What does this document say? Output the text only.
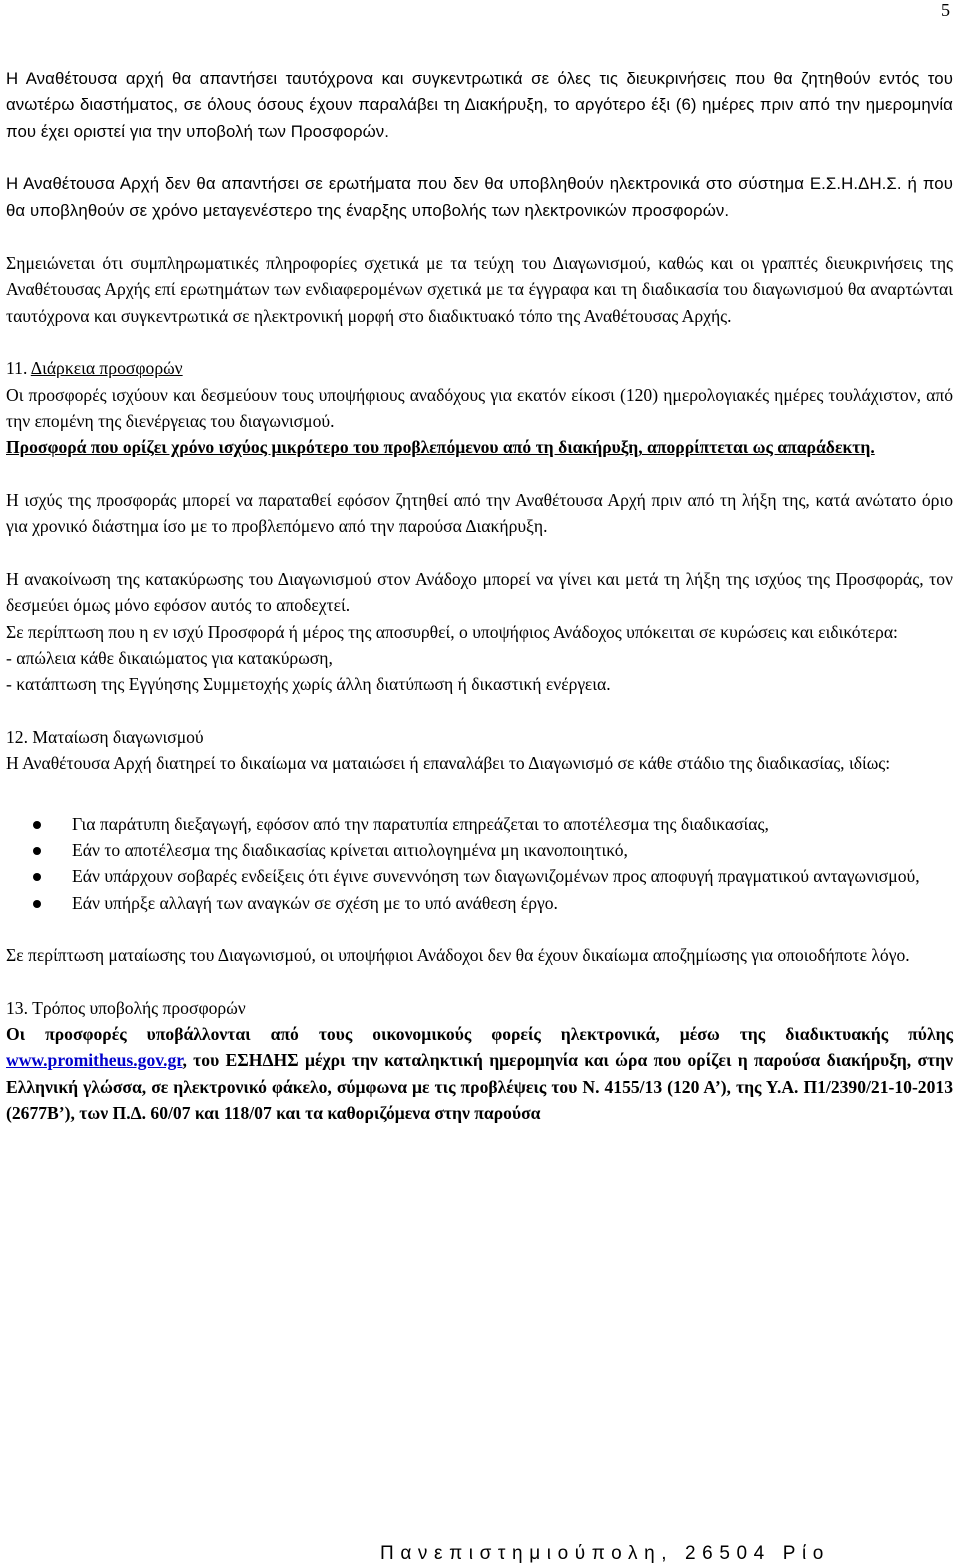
5

Η Αναθέτουσα αρχή θα απαντήσει ταυτόχρονα και συγκεντρωτικά σε όλες τις διευκρινήσεις που θα ζητηθούν εντός του ανωτέρω διαστήματος, σε όλους όσους έχουν παραλάβει τη Διακήρυξη, το αργότερο έξι (6) ημέρες πριν από την ημερομηνία που έχει οριστεί για την υποβολή των Προσφορών.

Η Αναθέτουσα Αρχή δεν θα απαντήσει σε ερωτήματα που δεν θα υποβληθούν ηλεκτρονικά στο σύστημα Ε.Σ.Η.ΔΗ.Σ. ή που θα υποβληθούν σε χρόνο μεταγενέστερο της έναρξης υποβολής των ηλεκτρονικών προσφορών.

Σημειώνεται ότι συμπληρωματικές πληροφορίες σχετικά με τα τεύχη του Διαγωνισμού, καθώς και οι γραπτές διευκρινήσεις της Αναθέτουσας Αρχής επί ερωτημάτων των ενδιαφερομένων σχετικά με τα έγγραφα και τη διαδικασία του διαγωνισμού θα αναρτώνται ταυτόχρονα και συγκεντρωτικά σε ηλεκτρονική μορφή στο διαδικτυακό τόπο της Αναθέτουσας Αρχής.

11. Διάρκεια προσφορών

Οι προσφορές ισχύουν και δεσμεύουν τους υποψήφιους αναδόχους για εκατόν είκοσι (120) ημερολογιακές ημέρες τουλάχιστον, από την επομένη της διενέργειας του διαγωνισμού.

Προσφορά που ορίζει χρόνο ισχύος μικρότερο του προβλεπόμενου από τη διακήρυξη, απορρίπτεται ως απαράδεκτη.

Η ισχύς της προσφοράς μπορεί να παραταθεί εφόσον ζητηθεί από την Αναθέτουσα Αρχή πριν από τη λήξη της, κατά ανώτατο όριο για χρονικό διάστημα ίσο με το προβλεπόμενο από την παρούσα Διακήρυξη.

Η ανακοίνωση της κατακύρωσης του Διαγωνισμού στον Ανάδοχο μπορεί να γίνει και μετά τη λήξη της ισχύος της Προσφοράς, τον δεσμεύει όμως μόνο εφόσον αυτός το αποδεχτεί.

Σε περίπτωση που η εν ισχύ Προσφορά ή μέρος της αποσυρθεί, ο υποψήφιος Ανάδοχος υπόκειται σε κυρώσεις και ειδικότερα:

- απώλεια κάθε δικαιώματος για κατακύρωση,

- κατάπτωση της Εγγύησης Συμμετοχής χωρίς άλλη διατύπωση ή δικαστική ενέργεια.

12. Ματαίωση διαγωνισμού

Η Αναθέτουσα Αρχή διατηρεί το δικαίωμα να ματαιώσει ή επαναλάβει το Διαγωνισμό σε κάθε στάδιο της διαδικασίας, ιδίως:

Για παράτυπη διεξαγωγή, εφόσον από την παρατυπία επηρεάζεται το αποτέλεσμα της διαδικασίας,
Εάν το αποτέλεσμα της διαδικασίας κρίνεται αιτιολογημένα μη ικανοποιητικό,
Εάν υπάρχουν σοβαρές ενδείξεις ότι έγινε συνεννόηση των διαγωνιζομένων προς αποφυγή πραγματικού ανταγωνισμού,
Εάν υπήρξε αλλαγή των αναγκών σε σχέση με το υπό ανάθεση έργο.

Σε περίπτωση ματαίωσης του Διαγωνισμού, οι υποψήφιοι Ανάδοχοι δεν θα έχουν δικαίωμα αποζημίωσης για οποιοδήποτε λόγο.

13. Τρόπος υποβολής προσφορών

Οι προσφορές υποβάλλονται από τους οικονομικούς φορείς ηλεκτρονικά, μέσω της διαδικτυακής πύλης www.promitheus.gov.gr, του ΕΣΗΔΗΣ μέχρι την καταληκτική ημερομηνία και ώρα που ορίζει η παρούσα διακήρυξη, στην Ελληνική γλώσσα, σε ηλεκτρονικό φάκελο, σύμφωνα με τις προβλέψεις του Ν. 4155/13 (120 Α’), της Υ.Α. Π1/2390/21-10-2013 (2677Β’), των Π.Δ. 60/07 και 118/07 και τα καθοριζόμενα στην παρούσα

Πανεπιστημιούπολη, 26504 Ρίο
